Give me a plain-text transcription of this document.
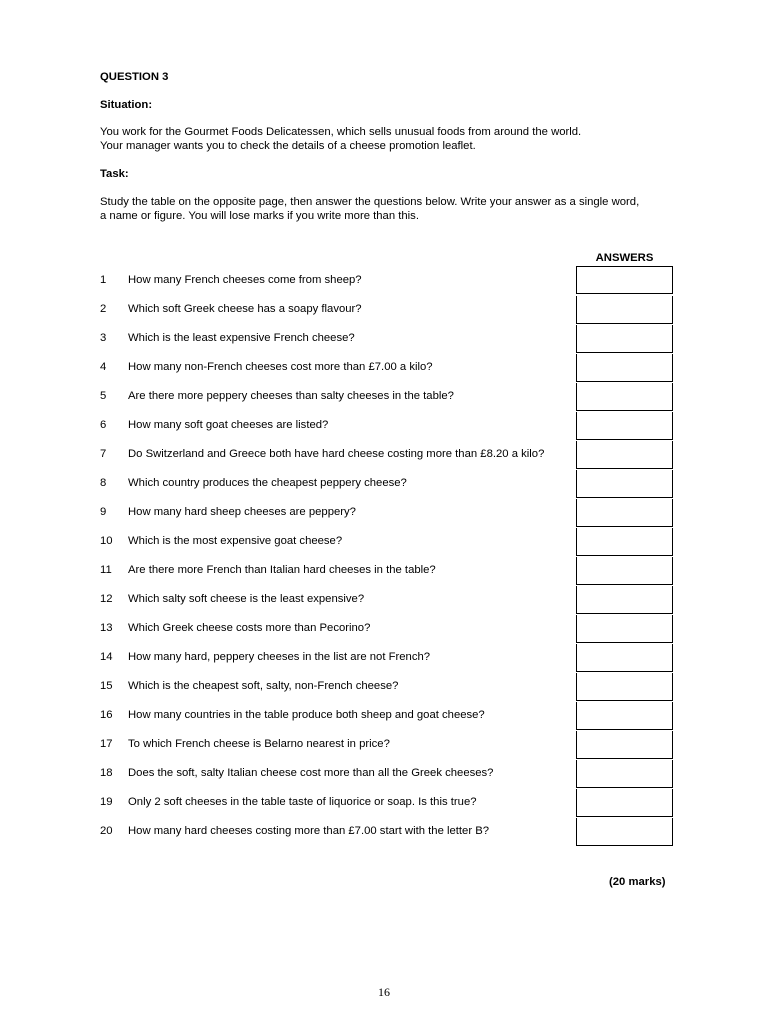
QUESTION 3
Situation:
You work for the Gourmet Foods Delicatessen, which sells unusual foods from around the world.
Your manager wants you to check the details of a cheese promotion leaflet.
Task:
Study the table on the opposite page, then answer the questions below. Write your answer as a single word,
a name or figure. You will lose marks if you write more than this.
ANSWERS
1	How many French cheeses come from sheep?
2	Which soft Greek cheese has a soapy flavour?
3	Which is the least expensive French cheese?
4	How many non-French cheeses cost more than £7.00 a kilo?
5	Are there more peppery cheeses than salty cheeses in the table?
6	How many soft goat cheeses are listed?
7	Do Switzerland and Greece both have hard cheese costing more than £8.20 a kilo?
8	Which country produces the cheapest peppery cheese?
9	How many hard sheep cheeses are peppery?
10	Which is the most expensive goat cheese?
11	Are there more French than Italian hard cheeses in the table?
12	Which salty soft cheese is the least expensive?
13	Which Greek cheese costs more than Pecorino?
14	How many hard, peppery cheeses in the list are not French?
15	Which is the cheapest soft, salty, non-French cheese?
16	How many countries in the table produce both sheep and goat cheese?
17	To which French cheese is Belarno nearest in price?
18	Does the soft, salty Italian cheese cost more than all the Greek cheeses?
19	Only 2 soft cheeses in the table taste of liquorice or soap. Is this true?
20	How many hard cheeses costing more than £7.00 start with the letter B?
(20 marks)
16
